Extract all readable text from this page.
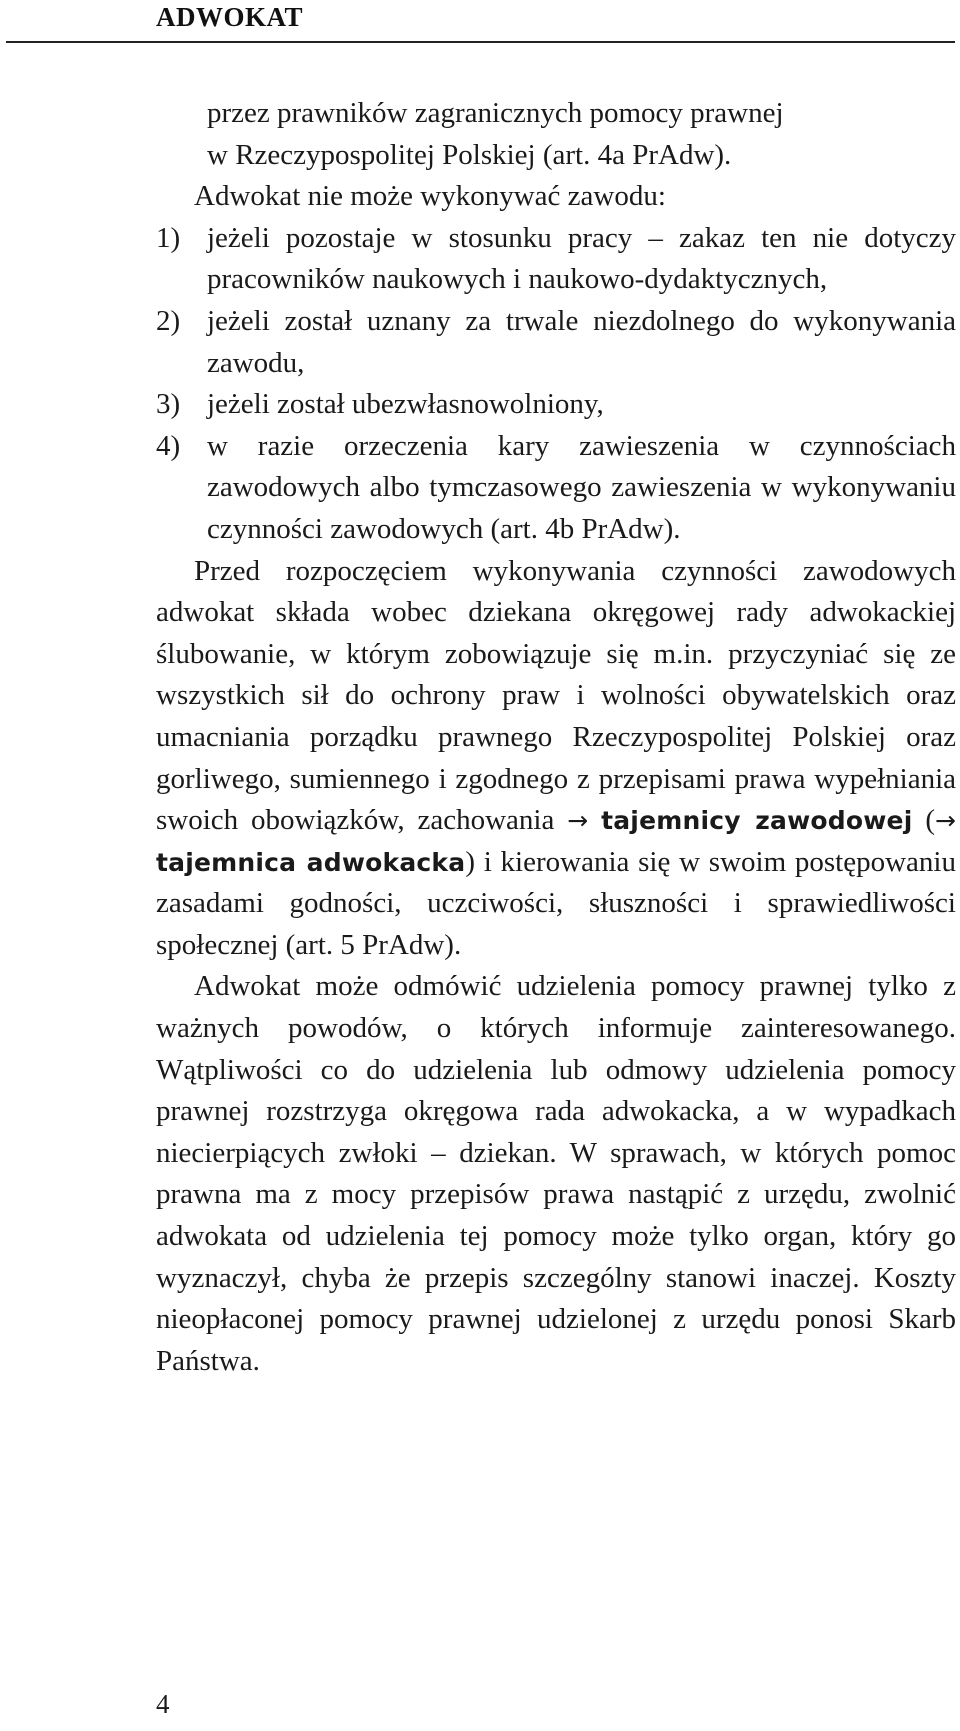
ADWOKAT
przez prawników zagranicznych pomocy prawnej
w Rzeczypospolitej Polskiej (art. 4a PrAdw).

Adwokat nie może wykonywać zawodu:

1) jeżeli pozostaje w stosunku pracy – zakaz ten nie dotyczy pracowników naukowych i naukowo-dydaktycznych,
2) jeżeli został uznany za trwale niezdolnego do wykonywania zawodu,
3) jeżeli został ubezwłasnowolniony,
4) w razie orzeczenia kary zawieszenia w czynnościach zawodowych albo tymczasowego zawieszenia w wykonywaniu czynności zawodowych (art. 4b PrAdw).

Przed rozpoczęciem wykonywania czynności zawodowych adwokat składa wobec dziekana okręgowej rady adwokackiej ślubowanie, w którym zobowiązuje się m.in. przyczyniać się ze wszystkich sił do ochrony praw i wolności obywatelskich oraz umacniania porządku prawnego Rzeczypospolitej Polskiej oraz gorliwego, sumiennego i zgodnego z przepisami prawa wypełniania swoich obowiązków, zachowania → tajemnicy zawodowej (→ tajemnica adwokacka) i kierowania się w swoim postępowaniu zasadami godności, uczciwości, słuszności i sprawiedliwości społecznej (art. 5 PrAdw).

Adwokat może odmówić udzielenia pomocy prawnej tylko z ważnych powodów, o których informuje zainteresowanego. Wątpliwości co do udzielenia lub odmowy udzielenia pomocy prawnej rozstrzyga okręgowa rada adwokacka, a w wypadkach niecierpiących zwłoki – dziekan. W sprawach, w których pomoc prawna ma z mocy przepisów prawa nastąpić z urzędu, zwolnić adwokata od udzielenia tej pomocy może tylko organ, który go wyznaczył, chyba że przepis szczególny stanowi inaczej. Koszty nieopłaconej pomocy prawnej udzielonej z urzędu ponosi Skarb Państwa.

4
